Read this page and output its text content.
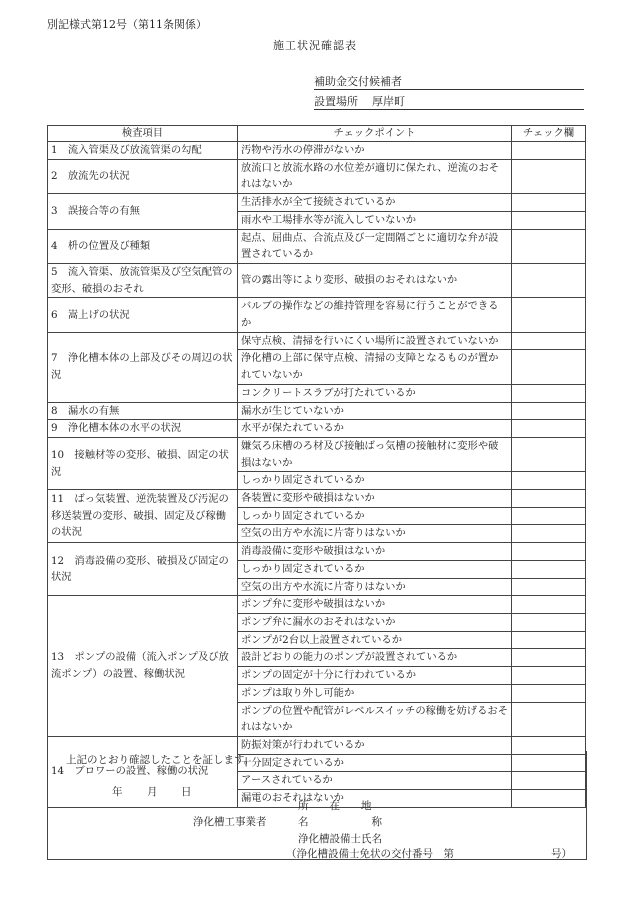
別記様式第12号（第11条関係）
施工状況確認表
補助金交付候補者
設置場所 厚岸町
検査項目	チェックポイント	チェック欄
1　流入管渠及び放流管渠の勾配	汚物や汚水の停滞がないか	
2　放流先の状況	放流口と放流水路の水位差が適切に保たれ、逆流のおそれはないか	
3　誤接合等の有無	生活排水が全て接続されているか	
	雨水や工場排水等が流入していないか	
4　枡の位置及び種類	起点、屈曲点、合流点及び一定間隔ごとに適切な弁が設置されているか	
5　流入管渠、放流管渠及び空気配管の変形、破損のおそれ	管の露出等により変形、破損のおそれはないか	
6　嵩上げの状況	バルブの操作などの維持管理を容易に行うことができるか	
7　浄化槽本体の上部及びその周辺の状況	保守点検、清掃を行いにくい場所に設置されていないか	
	浄化槽の上部に保守点検、清掃の支障となるものが置かれていないか	
	コンクリートスラブが打たれているか	
8　漏水の有無	漏水が生じていないか	
9　浄化槽本体の水平の状況	水平が保たれているか	
10　接触材等の変形、破損、固定の状況	嫌気ろ床槽のろ材及び接触ばっ気槽の接触材に変形や破損はないか	
	しっかり固定されているか	
11　ばっ気装置、逆洗装置及び汚泥の移送装置の変形、破損、固定及び稼働の状況	各装置に変形や破損はないか	
	しっかり固定されているか	
	空気の出方や水流に片寄りはないか	
12　消毒設備の変形、破損及び固定の状況	消毒設備に変形や破損はないか	
	しっかり固定されているか	
	空気の出方や水流に片寄りはないか	
13　ポンプの設備（流入ポンプ及び放流ポンプ）の設置、稼働状況	ポンプ弁に変形や破損はないか	
	ポンプ弁に漏水のおそれはないか	
	ポンプが2台以上設置されているか	
	設計どおりの能力のポンプが設置されているか	
	ポンプの固定が十分に行われているか	
	ポンプは取り外し可能か	
	ポンプの位置や配管がレベルスイッチの稼働を妨げるおそれはないか	
14　ブロワーの設置、稼働の状況	防振対策が行われているか	
	十分固定されているか	
	アースされているか	
	漏電のおそれはないか	
上記のとおり確認したことを証します。
年 月 日
所　　在　　地
浄化槽工事業者	名　　　　　　称
浄化槽設備士氏名
（浄化槽設備士免状の交付番号　第	号）
